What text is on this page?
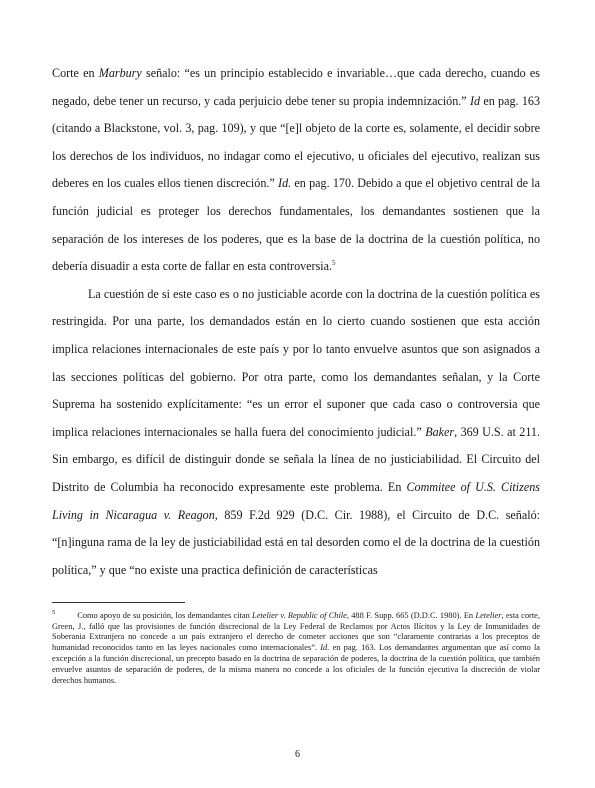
Corte en Marbury señalo: “es un principio establecido e invariable…que cada derecho, cuando es negado, debe tener un recurso, y cada perjuicio debe tener su propia indemnización.” Id en pag. 163 (citando a Blackstone, vol. 3, pag. 109), y que “[e]l objeto de la corte es, solamente, el decidir sobre los derechos de los individuos, no indagar como el ejecutivo, u oficiales del ejecutivo, realizan sus deberes en los cuales ellos tienen discreción.” Id. en pag. 170. Debido a que el objetivo central de la función judicial es proteger los derechos fundamentales, los demandantes sostienen que la separación de los intereses de los poderes, que es la base de la doctrina de la cuestión política, no debería disuadir a esta corte de fallar en esta controversia.$^5$

La cuestión de si este caso es o no justiciable acorde con la doctrina de la cuestión política es restringida. Por una parte, los demandados están en lo cierto cuando sostienen que esta acción implica relaciones internacionales de este país y por lo tanto envuelve asuntos que son asignados a las secciones políticas del gobierno. Por otra parte, como los demandantes señalan, y la Corte Suprema ha sostenido explícitamente: “es un error el suponer que cada caso o controversia que implica relaciones internacionales se halla fuera del conocimiento judicial.” Baker, 369 U.S. at 211. Sin embargo, es difícil de distinguir donde se señala la línea de no justiciabilidad. El Circuito del Distrito de Columbia ha reconocido expresamente este problema. En Commitee of U.S. Citizens Living in Nicaragua v. Reagon, 859 F.2d 929 (D.C. Cir. 1988), el Circuito de D.C. señaló: “[n]inguna rama de la ley de justiciabilidad está en tal desorden como el de la doctrina de la cuestión política,” y que “no existe una practica definición de características

$^5$	Como apoyo de su posición, los demandantes citan Letelier v. Republic of Chile, 488 F. Supp. 665 (D.D.C. 1980). En Letelier, esta corte, Green, J., falló que las provisiones de función discrecional de la Ley Federal de Reclamos por Actos Ilícitos y la Ley de Inmunidades de Soberania Extranjera no concede a un país extranjero el derecho de cometer acciones que son “claramente contrarias a los preceptos de humanidad reconocidos tanto en las leyes nacionales como internacionales”. Id. en pag. 163. Los demandantes argumentan que así como la excepción a la función discrecional, un precepto basado en la doctrina de separación de poderes, la doctrina de la cuestión política, que también envuelve asuntos de separación de poderes, de la misma manera no concede a los oficiales de la función ejecutiva la discreción de violar derechos humanos.
6
